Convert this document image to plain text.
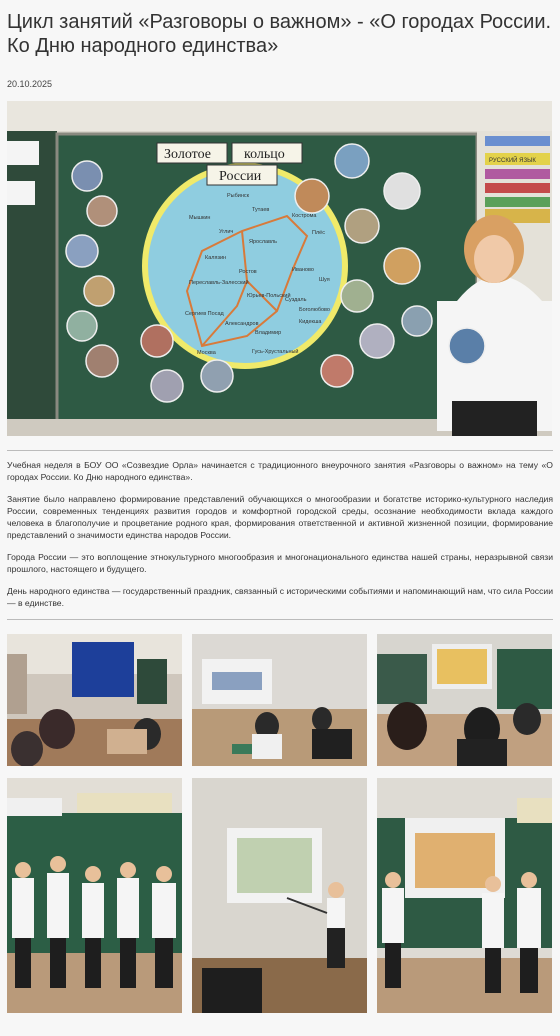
Цикл занятий «Разговоры о важном» - «О городах России. Ко Дню народного единства»
20.10.2025
РУССКИЙ ЯЗЫК
Золотое кольцо
России
Рыбинск
Тутаев
Кострома
Углич
Мышкин
Ярославль
Плёс
Калязин
Ростов	Иваново
Шуя
Переславль-Залесский
Юрьев-Польский
Суздаль
Сергиев Посад
Александров	Кидекша
Боголюбово
Владимир
Москва	Гусь-Хрустальный

Учебная неделя в БОУ ОО «Созвездие Орла» начинается с традиционного внеурочного занятия «Разговоры о важном» на тему «О городах России. Ко Дню народного единства».

Занятие было направлено формирование представлений обучающихся о многообразии и богатстве историко-культурного наследия России, современных тенденциях развития городов и комфортной городской среды, осознание необходимости вклада каждого человека в благополучие и процветание родного края, формирования ответственной и активной жизненной позиции, формирование представлений о значимости единства народов России.

Города России — это воплощение этнокультурного многообразия и многонационального единства нашей страны, неразрывной связи прошлого, настоящего и будущего.

День народного единства — государственный праздник, связанный с историческими событиями и напоминающий нам, что сила России — в единстве.
